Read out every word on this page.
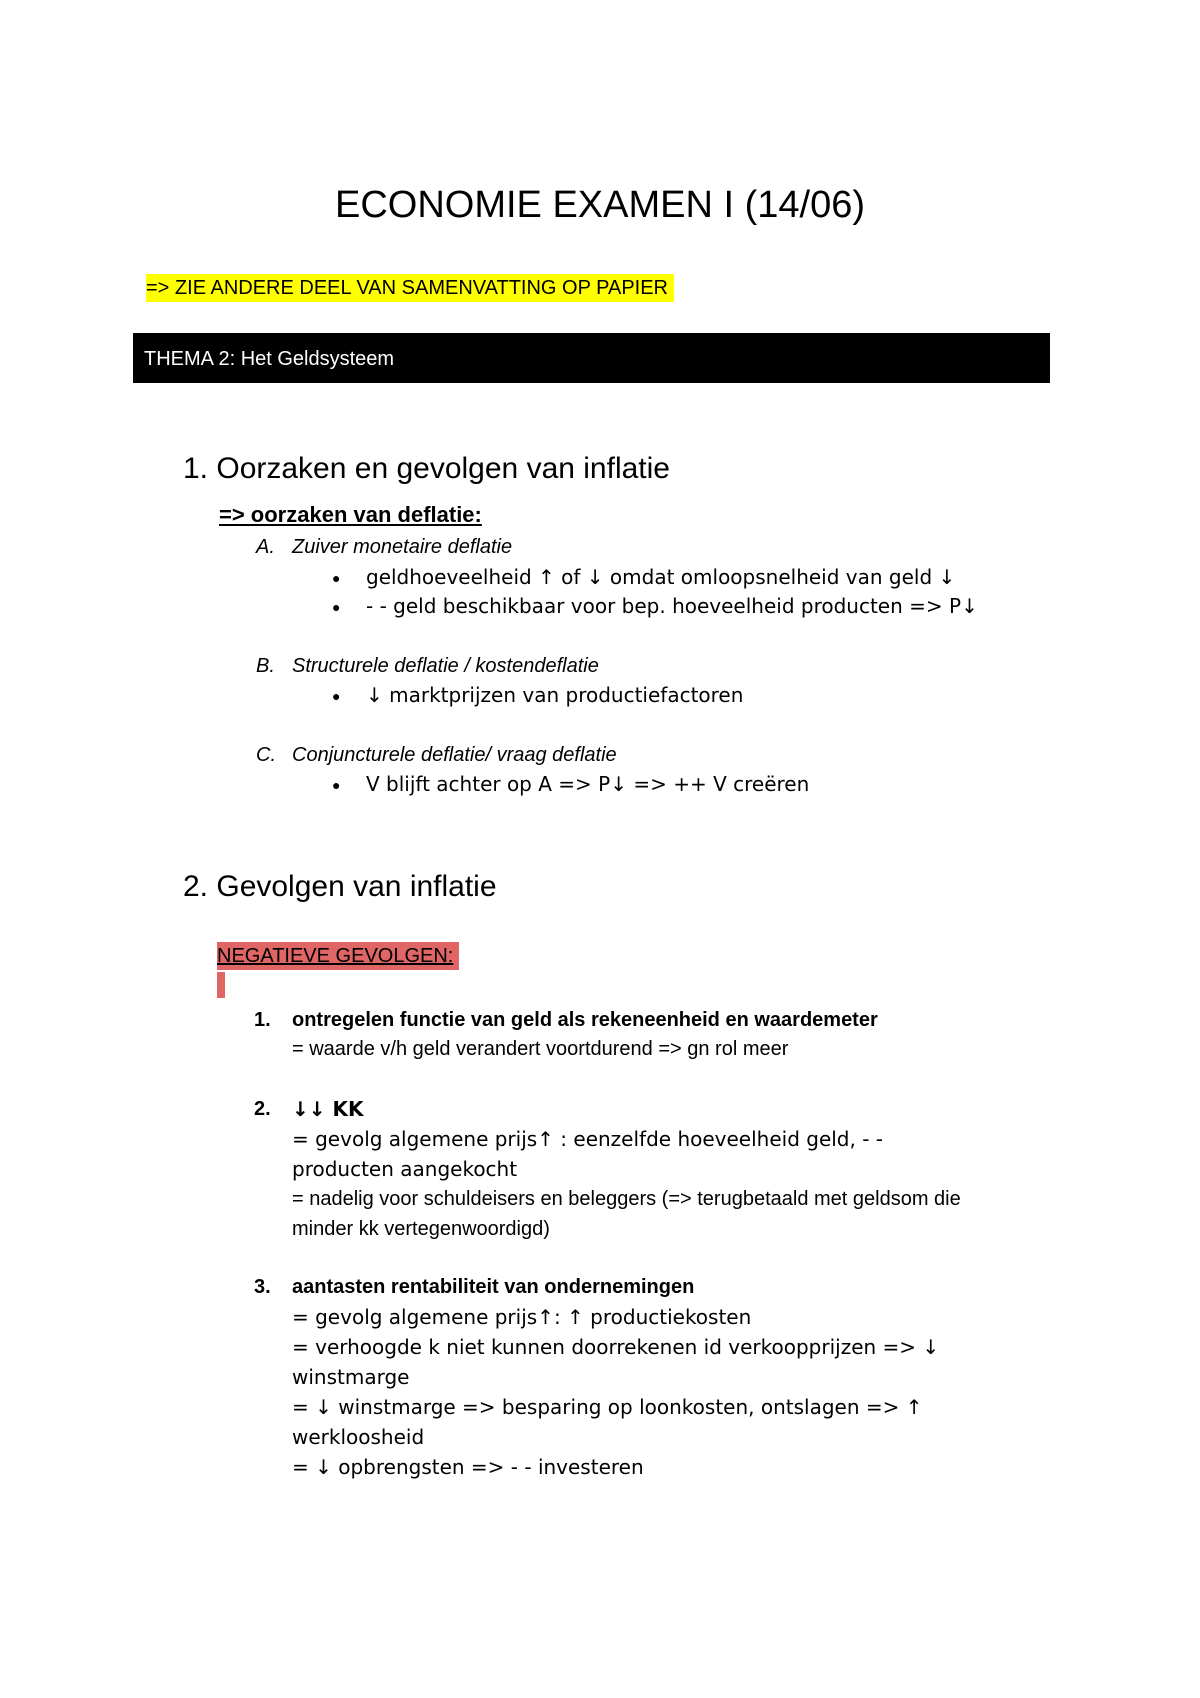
ECONOMIE EXAMEN I (14/06)
=> ZIE ANDERE DEEL VAN SAMENVATTING OP PAPIER
THEMA 2: Het Geldsysteem
1. Oorzaken en gevolgen van inflatie
=> oorzaken van deflatie:
A. Zuiver monetaire deflatie
● geldhoeveelheid ↑ of ↓ omdat omloopsnelheid van geld ↓
● - - geld beschikbaar voor bep. hoeveelheid producten => P↓
B. Structurele deflatie / kostendeflatie
● ↓ marktprijzen van productiefactoren
C. Conjuncturele deflatie/ vraag deflatie
● V blijft achter op A => P↓ => ++ V creëren
2. Gevolgen van inflatie
NEGATIEVE GEVOLGEN:
1. ontregelen functie van geld als rekeneenheid en waardemeter
= waarde v/h geld verandert voortdurend => gn rol meer
2. ↓↓ KK
= gevolg algemene prijs↑ : eenzelfde hoeveelheid geld, - -
producten aangekocht
= nadelig voor schuldeisers en beleggers (=> terugbetaald met geldsom die
minder kk vertegenwoordigd)
3. aantasten rentabiliteit van ondernemingen
= gevolg algemene prijs↑: ↑ productiekosten
= verhoogde k niet kunnen doorrekenen id verkoopprijzen => ↓
winstmarge
= ↓ winstmarge => besparing op loonkosten, ontslagen => ↑
werkloosheid
= ↓ opbrengsten => - - investeren
